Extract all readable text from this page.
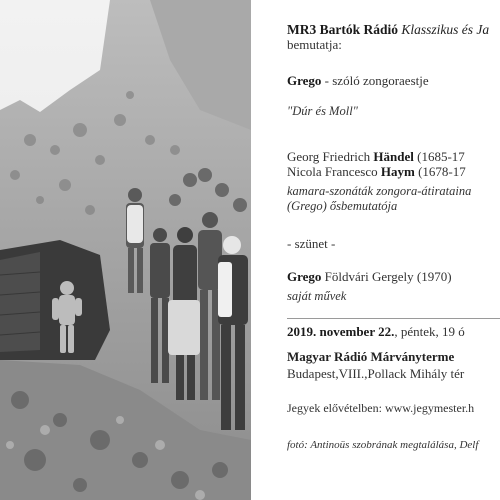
MR3 Bartók Rádió Klasszikus és Ja
bemutatja:
Grego - szóló zongoraestje
"Dúr és Moll"
Georg Friedrich Händel (1685-17
Nicola Francesco Haym (1678-17
kamara-szonáták zongora-átirataina
(Grego) ősbemutatója
- szünet -
Grego Földvári Gergely (1970)
saját művek
2019. november 22., péntek, 19 ó
Magyar Rádió Márványterme
Budapest,VIII.,Pollack Mihály tér
Jegyek elővételben: www.jegymester.h
fotó: Antinoüs szobrának megtalálása, Delf
